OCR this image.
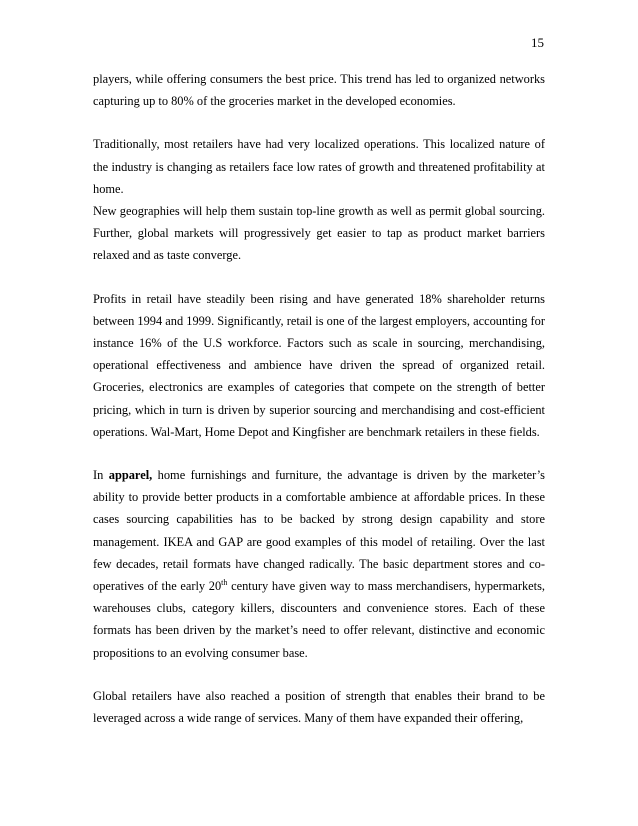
15

players, while offering consumers the best price. This trend has led to organized networks capturing up to 80% of the groceries market in the developed economies.

Traditionally, most retailers have had very localized operations. This localized nature of the industry is changing as retailers face low rates of growth and threatened profitability at home.

New geographies will help them sustain top-line growth as well as permit global sourcing. Further, global markets will progressively get easier to tap as product market barriers relaxed and as taste converge.

Profits in retail have steadily been rising and have generated 18% shareholder returns between 1994 and 1999. Significantly, retail is one of the largest employers, accounting for instance 16% of the U.S workforce. Factors such as scale in sourcing, merchandising, operational effectiveness and ambience have driven the spread of organized retail. Groceries, electronics are examples of categories that compete on the strength of better pricing, which in turn is driven by superior sourcing and merchandising and cost-efficient operations. Wal-Mart, Home Depot and Kingfisher are benchmark retailers in these fields.

In apparel, home furnishings and furniture, the advantage is driven by the marketer’s ability to provide better products in a comfortable ambience at affordable prices. In these cases sourcing capabilities has to be backed by strong design capability and store management. IKEA and GAP are good examples of this model of retailing. Over the last few decades, retail formats have changed radically. The basic department stores and co-operatives of the early 20th century have given way to mass merchandisers, hypermarkets, warehouses clubs, category killers, discounters and convenience stores. Each of these formats has been driven by the market’s need to offer relevant, distinctive and economic propositions to an evolving consumer base.

Global retailers have also reached a position of strength that enables their brand to be leveraged across a wide range of services. Many of them have expanded their offering,
